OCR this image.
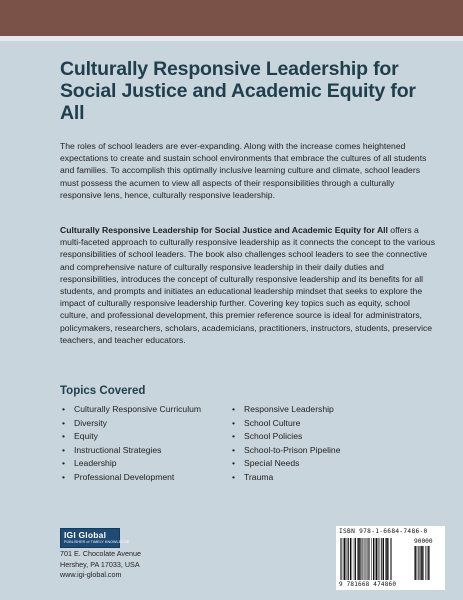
Culturally Responsive Leadership for Social Justice and Academic Equity for All

The roles of school leaders are ever-expanding. Along with the increase comes heightened expectations to create and sustain school environments that embrace the cultures of all students and families. To accomplish this optimally inclusive learning culture and climate, school leaders must possess the acumen to view all aspects of their responsibilities through a culturally responsive lens, hence, culturally responsive leadership.

Culturally Responsive Leadership for Social Justice and Academic Equity for All offers a multi-faceted approach to culturally responsive leadership as it connects the concept to the various responsibilities of school leaders. The book also challenges school leaders to see the connective and comprehensive nature of culturally responsive leadership in their daily duties and responsibilities, introduces the concept of culturally responsive leadership and its benefits for all students, and prompts and initiates an educational leadership mindset that seeks to explore the impact of culturally responsive leadership further. Covering key topics such as equity, school culture, and professional development, this premier reference source is ideal for administrators, policymakers, researchers, scholars, academicians, practitioners, instructors, students, preservice teachers, and teacher educators.

Topics Covered
•	Culturally Responsive Curriculum
•	Diversity
•	Equity
•	Instructional Strategies
•	Leadership
•	Professional Development
•	Responsive Leadership
•	School Culture
•	School Policies
•	School-to-Prison Pipeline
•	Special Needs
•	Trauma
IGI Global
PUBLISHER of TIMELY KNOWLEDGE
701 E. Chocolate Avenue
Hershey, PA 17033, USA
www.igi-global.com
ISBN 978-1-6684-7486-0
90000
9 781668 474860
